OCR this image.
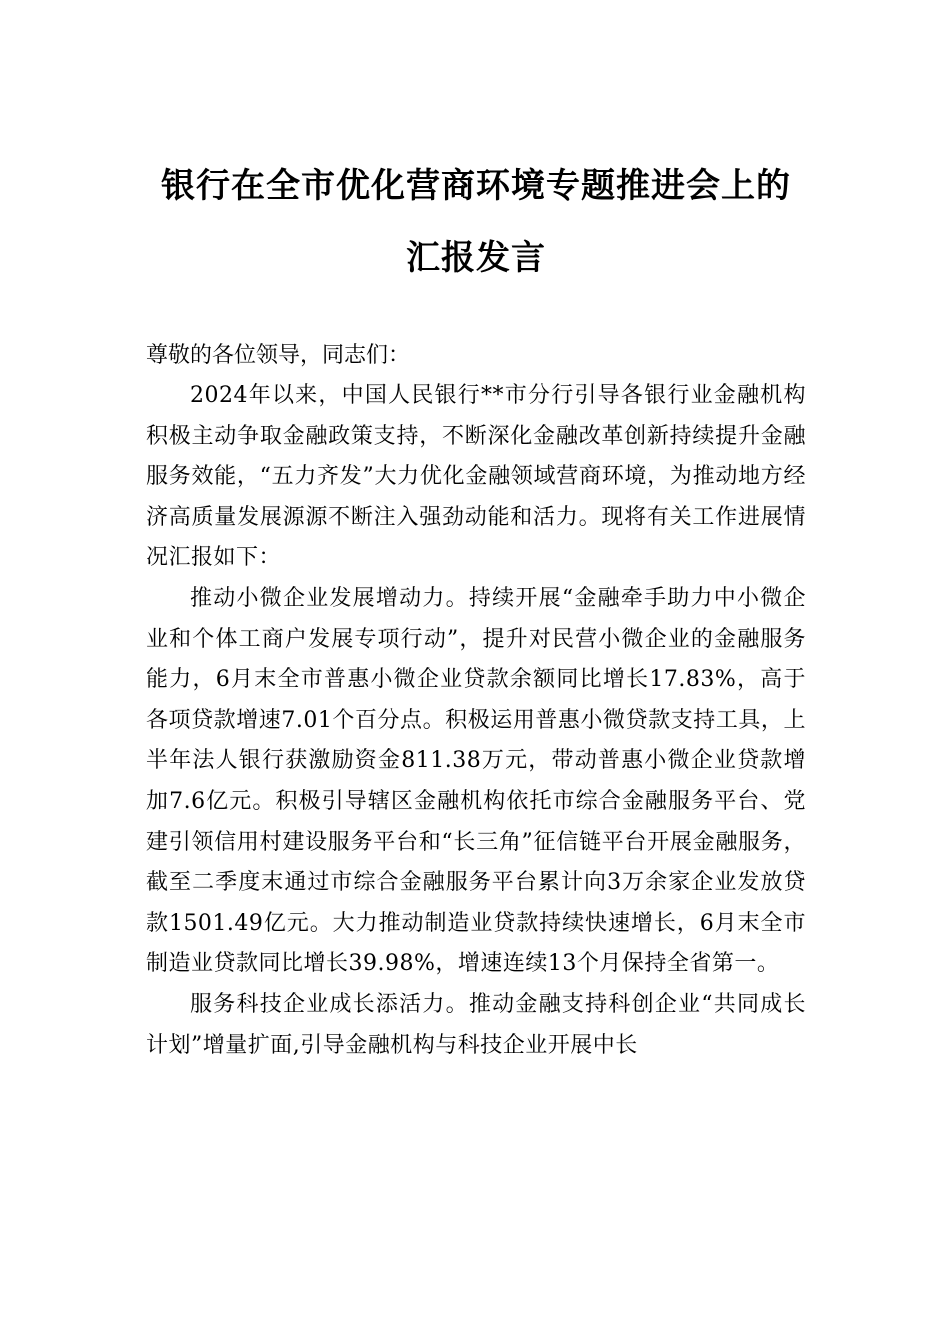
银行在全市优化营商环境专题推进会上的
汇报发言

尊敬的各位领导，同志们：

2024年以来，中国人民银行**市分行引导各银行业金融机构积极主动争取金融政策支持，不断深化金融改革创新持续提升金融服务效能，“五力齐发”大力优化金融领域营商环境，为推动地方经济高质量发展源源不断注入强劲动能和活力。现将有关工作进展情况汇报如下：

推动小微企业发展增动力。持续开展“金融牵手助力中小微企业和个体工商户发展专项行动”，提升对民营小微企业的金融服务能力，6月末全市普惠小微企业贷款余额同比增长17.83%，高于各项贷款增速7.01个百分点。积极运用普惠小微贷款支持工具，上半年法人银行获激励资金811.38万元，带动普惠小微企业贷款增加7.6亿元。积极引导辖区金融机构依托市综合金融服务平台、党建引领信用村建设服务平台和“长三角”征信链平台开展金融服务，截至二季度末通过市综合金融服务平台累计向3万余家企业发放贷款1501.49亿元。大力推动制造业贷款持续快速增长，6月末全市制造业贷款同比增长39.98%，增速连续13个月保持全省第一。

服务科技企业成长添活力。推动金融支持科创企业“共同成长计划”增量扩面,引导金融机构与科技企业开展中长
